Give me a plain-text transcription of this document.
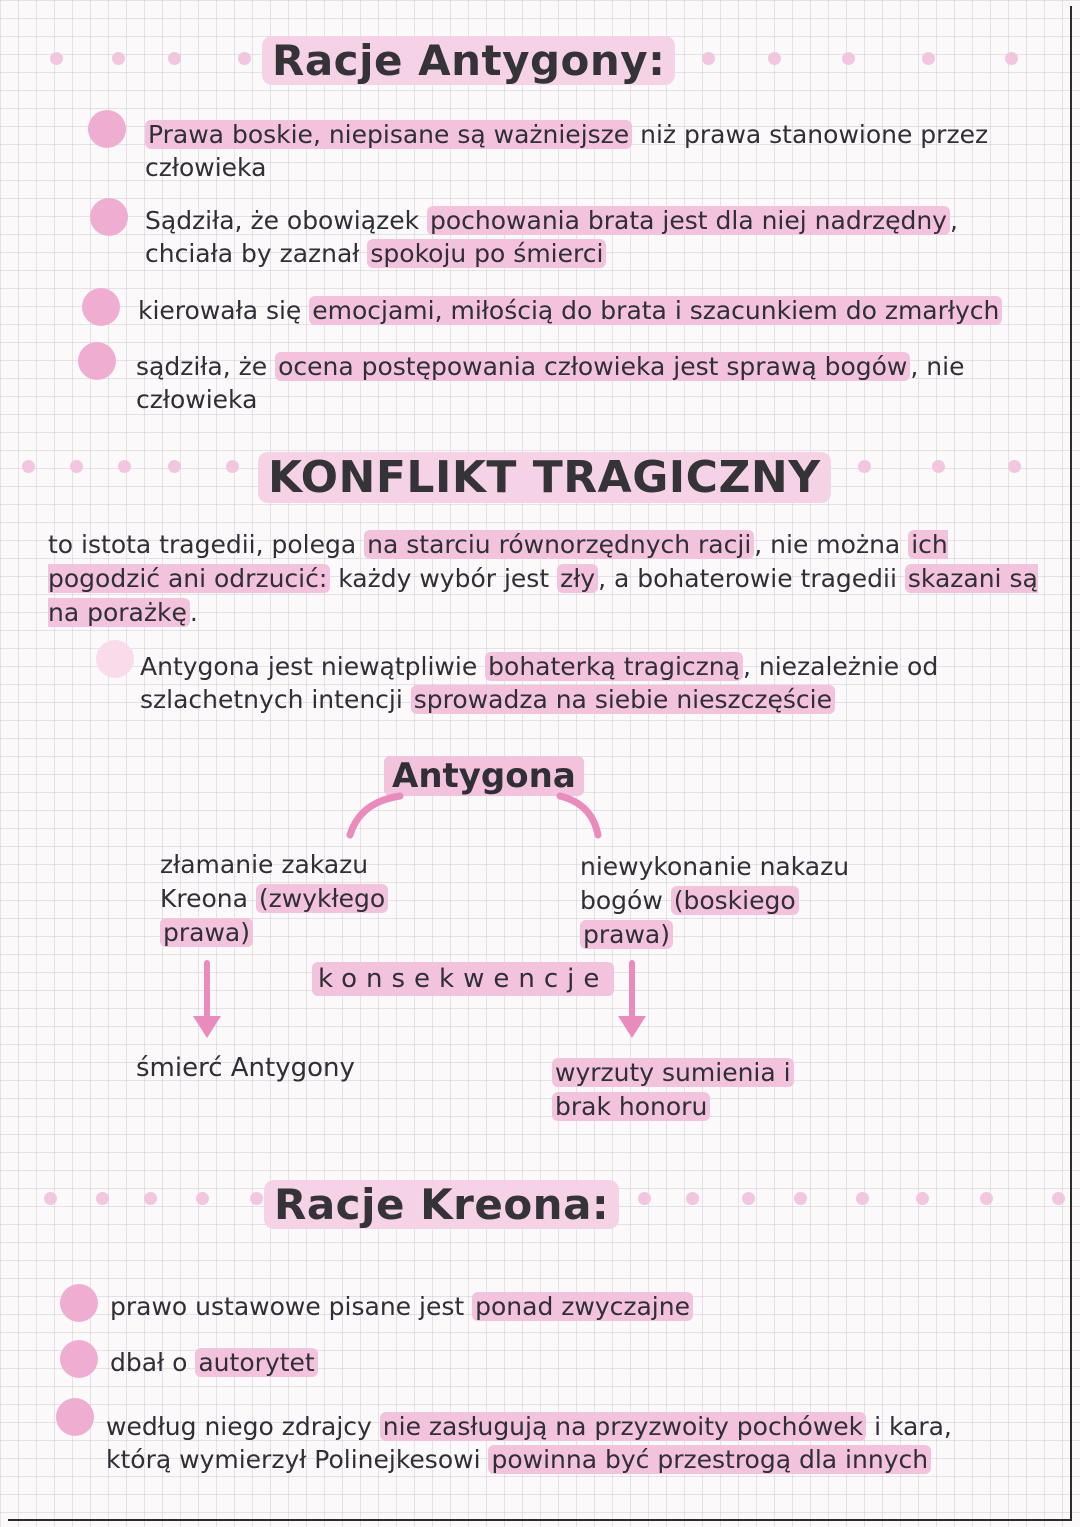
Racje Antygony:
Prawa boskie, niepisane są ważniejsze niż prawa stanowione przez człowieka
Sądziła, że obowiązek pochowania brata jest dla niej nadrzędny , chciała by zaznał spokoju po śmierci
kierowała się emocjami, miłością do brata i szacunkiem do zmarłych
sądziła, że ocena postępowania człowieka jest sprawą bogów , nie człowieka
KONFLIKT TRAGICZNY
to istota tragedii, polega na starciu równorzędnych racji , nie można ich pogodzić ani odrzucić: każdy wybór jest zły , a bohaterowie tragedii skazani są na porażkę .
Antygona jest niewątpliwie bohaterką tragiczną , niezależnie od szlachetnych intencji sprowadza na siebie nieszczęście
Antygona
złamanie zakazu
Kreona (zwykłego
prawa)
niewykonanie nakazu
bogów (boskiego
prawa)
konsekwencje
śmierć Antygony	wyrzuty sumienia i
brak honoru
Racje Kreona:
prawo ustawowe pisane jest ponad zwyczajne
dbał o autorytet
według niego zdrajcy nie zasługują na przyzwoity pochówek i kara, którą wymierzył Polinejkesowi powinna być przestrogą dla innych
